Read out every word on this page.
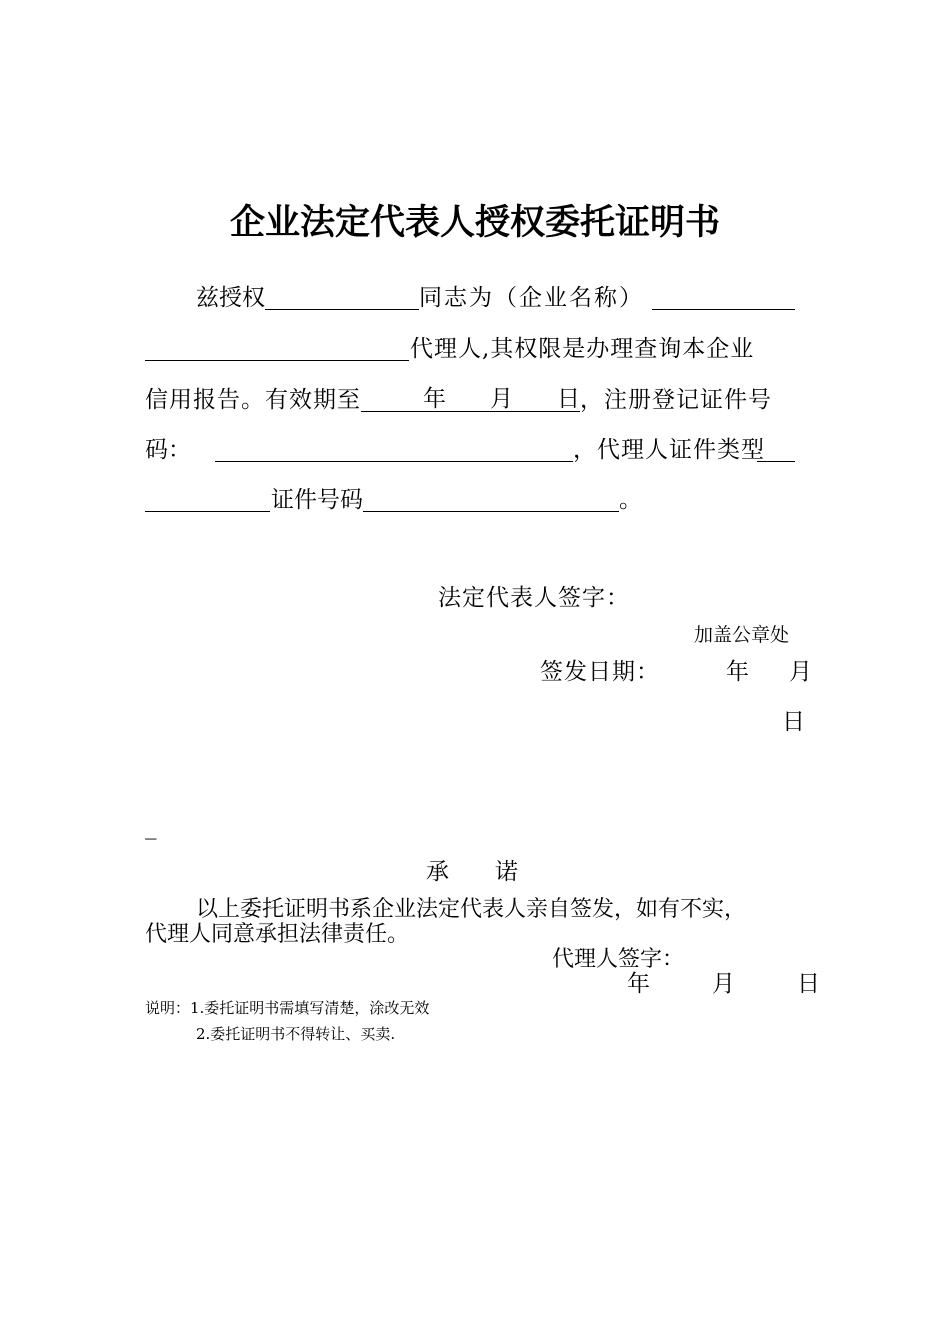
企业法定代表人授权委托证明书
兹授权	同志为（企业名称）
代理人,其权限是办理查询本企业
信用报告。有效期至	年 月 日，注册登记证件号
码：	，代理人证件类型
证件号码	。
法定代表人签字：
加盖公章处
签发日期：	年 月
日
_
承　　诺
以上委托证明书系企业法定代表人亲自签发，如有不实，
代理人同意承担法律责任。
代理人签字：
年	月	日
说明：1.委托证明书需填写清楚，涂改无效
2.委托证明书不得转让、买卖.
